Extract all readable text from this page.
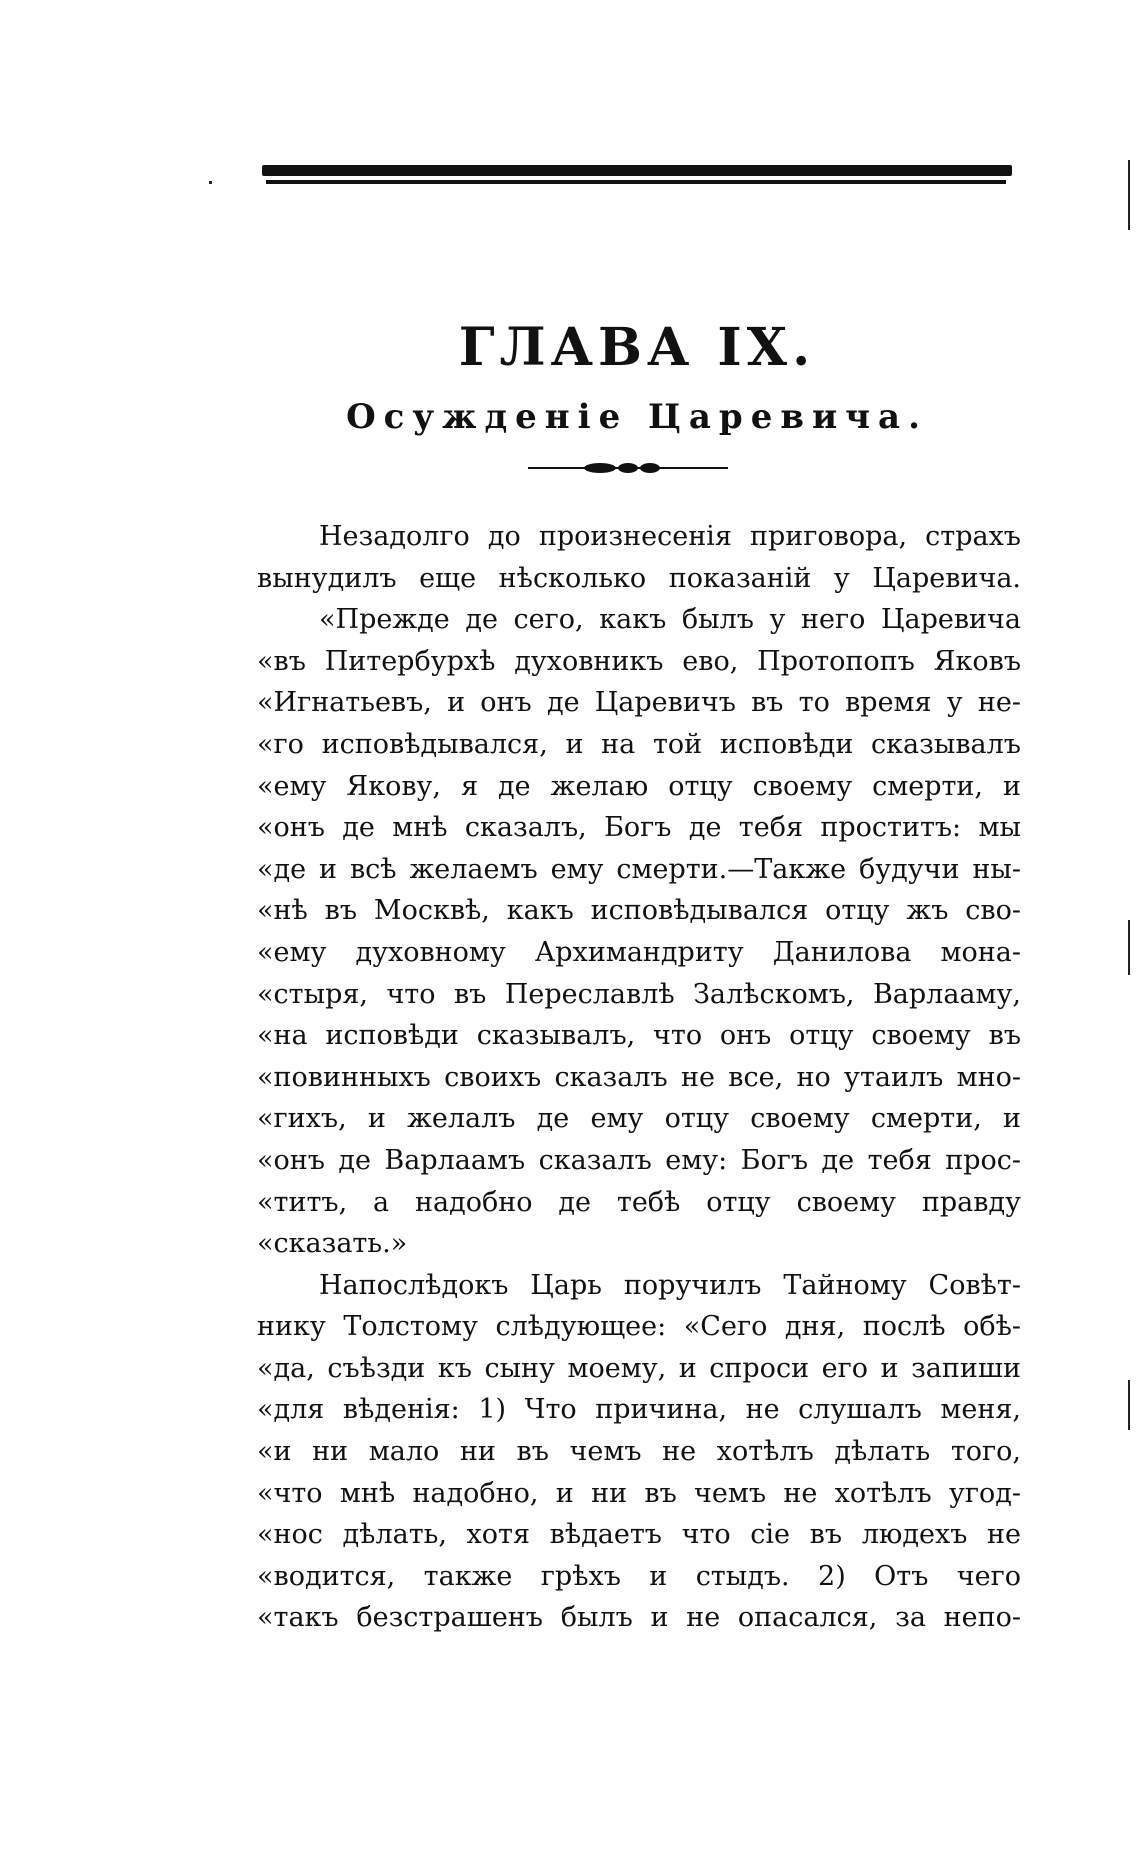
ГЛАВА IX.
Осужденіе Царевича.
Незадолго до произнесенія приговора, страхъ
вынудилъ еще нѣсколько показаній у Царевича.
«Прежде де сего, какъ былъ у него Царевича
«въ Питербурхѣ духовникъ ево, Протопопъ Яковъ
«Игнатьевъ, и онъ де Царевичъ въ то время у не-
«го исповѣдывался, и на той исповѣди сказывалъ
«ему Якову, я де желаю отцу своему смерти, и
«онъ де мнѣ сказалъ, Богъ де тебя проститъ: мы
«де и всѣ желаемъ ему смерти.—Также будучи ны-
«нѣ въ Москвѣ, какъ исповѣдывался отцу жъ сво-
«ему духовному Архимандриту Данилова мона-
«стыря, что въ Переславлѣ Залѣскомъ, Варлааму,
«на исповѣди сказывалъ, что онъ отцу своему въ
«повинныхъ своихъ сказалъ не все, но утаилъ мно-
«гихъ, и желалъ де ему отцу своему смерти, и
«онъ де Варлаамъ сказалъ ему: Богъ де тебя прос-
«титъ, а надобно де тебѣ отцу своему правду
«сказать.»
Напослѣдокъ Царь поручилъ Тайному Совѣт-
нику Толстому слѣдующее: «Сего дня, послѣ обѣ-
«да, съѣзди къ сыну моему, и спроси его и запиши
«для вѣденія: 1) Что причина, не слушалъ меня,
«и ни мало ни въ чемъ не хотѣлъ дѣлать того,
«что мнѣ надобно, и ни въ чемъ не хотѣлъ угод-
«нос дѣлать, хотя вѣдаетъ что сіе въ людехъ не
«водится, также грѣхъ и стыдъ. 2) Отъ чего
«такъ безстрашенъ былъ и не опасался, за непо-
